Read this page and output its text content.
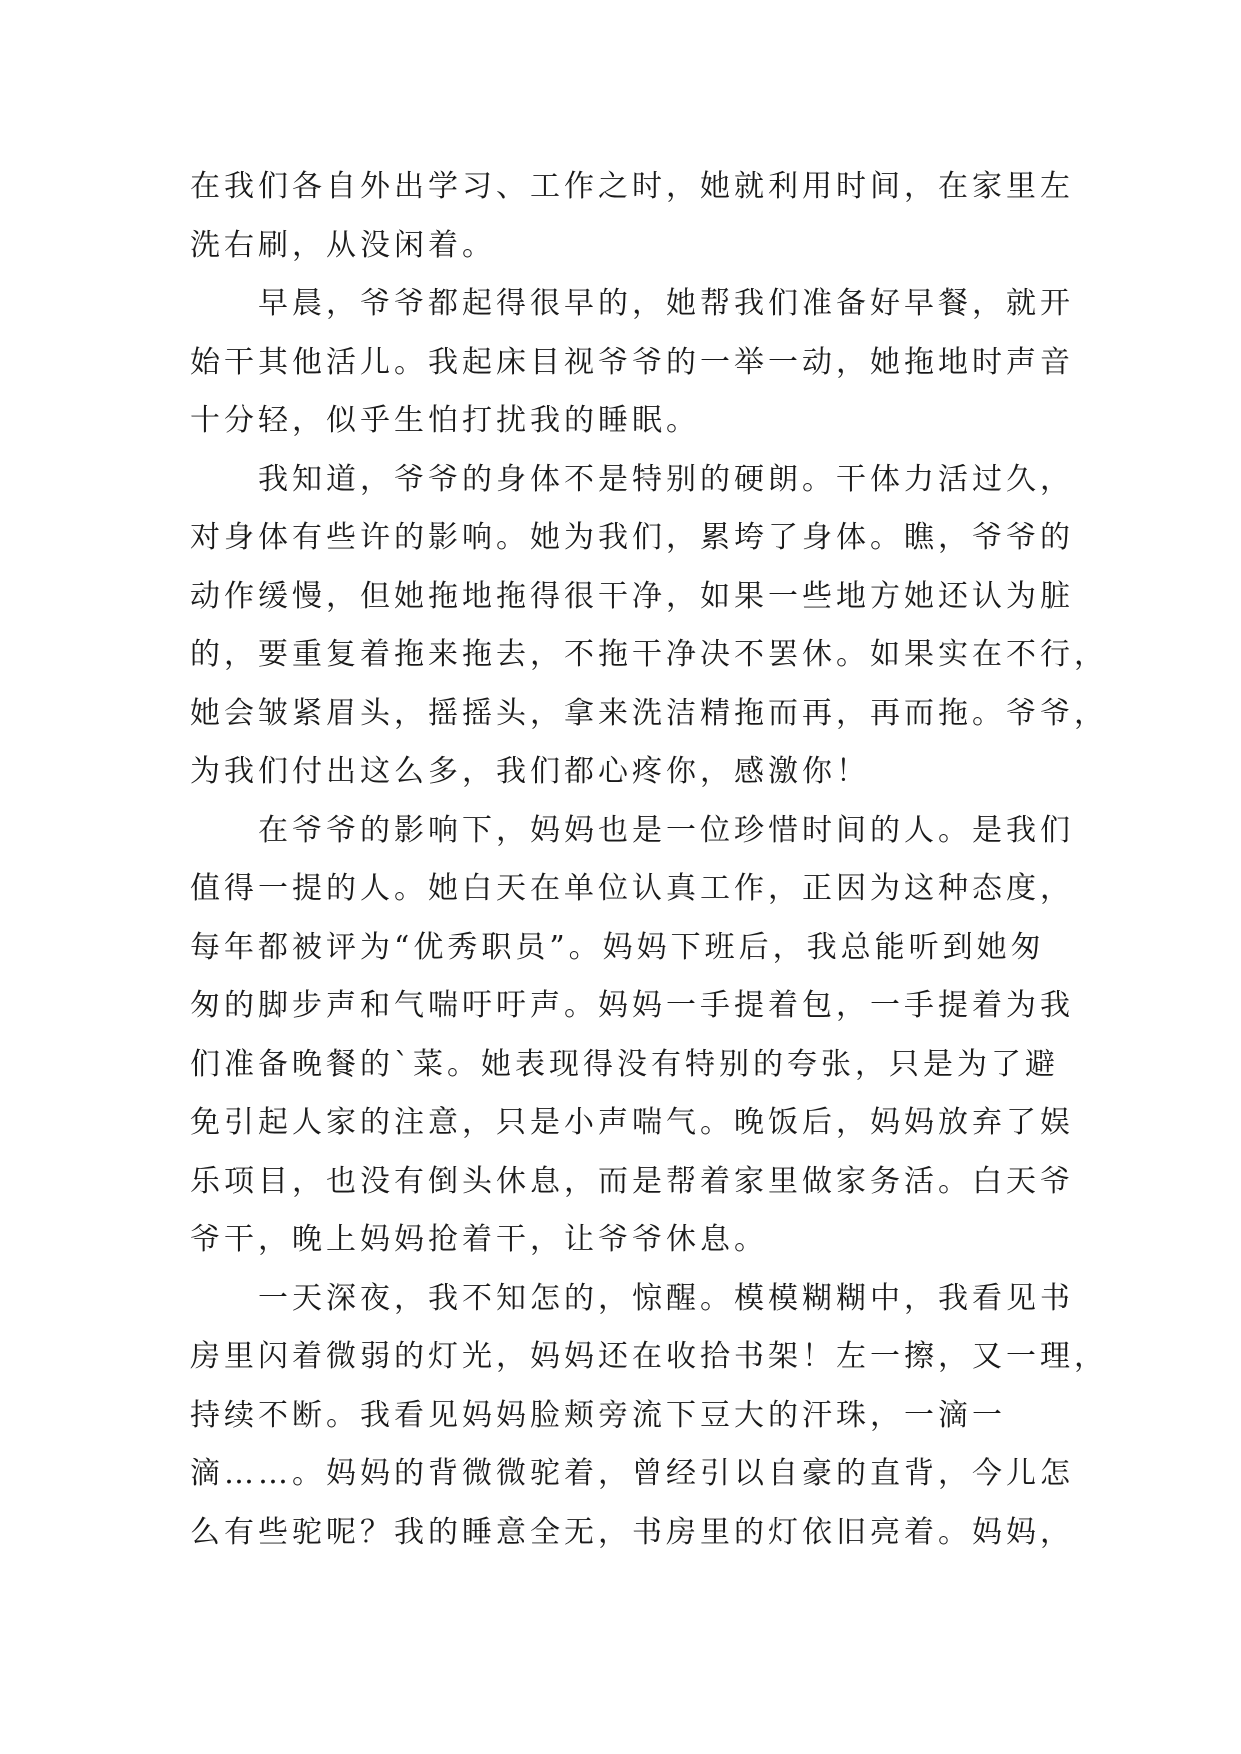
在我们各自外出学习、工作之时，她就利用时间，在家里左
洗右刷，从没闲着。
　　早晨，爷爷都起得很早的，她帮我们准备好早餐，就开
始干其他活儿。我起床目视爷爷的一举一动，她拖地时声音
十分轻，似乎生怕打扰我的睡眠。
　　我知道，爷爷的身体不是特别的硬朗。干体力活过久，
对身体有些许的影响。她为我们，累垮了身体。瞧，爷爷的
动作缓慢，但她拖地拖得很干净，如果一些地方她还认为脏
的，要重复着拖来拖去，不拖干净决不罢休。如果实在不行，
她会皱紧眉头，摇摇头，拿来洗洁精拖而再，再而拖。爷爷，
为我们付出这么多，我们都心疼你，感激你！
　　在爷爷的影响下，妈妈也是一位珍惜时间的人。是我们
值得一提的人。她白天在单位认真工作，正因为这种态度，
每年都被评为“优秀职员”。妈妈下班后，我总能听到她匆
匆的脚步声和气喘吁吁声。妈妈一手提着包，一手提着为我
们准备晚餐的`菜。她表现得没有特别的夸张，只是为了避
免引起人家的注意，只是小声喘气。晚饭后，妈妈放弃了娱
乐项目，也没有倒头休息，而是帮着家里做家务活。白天爷
爷干，晚上妈妈抢着干，让爷爷休息。
　　一天深夜，我不知怎的，惊醒。模模糊糊中，我看见书
房里闪着微弱的灯光，妈妈还在收拾书架！左一擦，又一理，
持续不断。我看见妈妈脸颊旁流下豆大的汗珠，一滴一
滴……。妈妈的背微微驼着，曾经引以自豪的直背，今儿怎
么有些驼呢？我的睡意全无，书房里的灯依旧亮着。妈妈，
